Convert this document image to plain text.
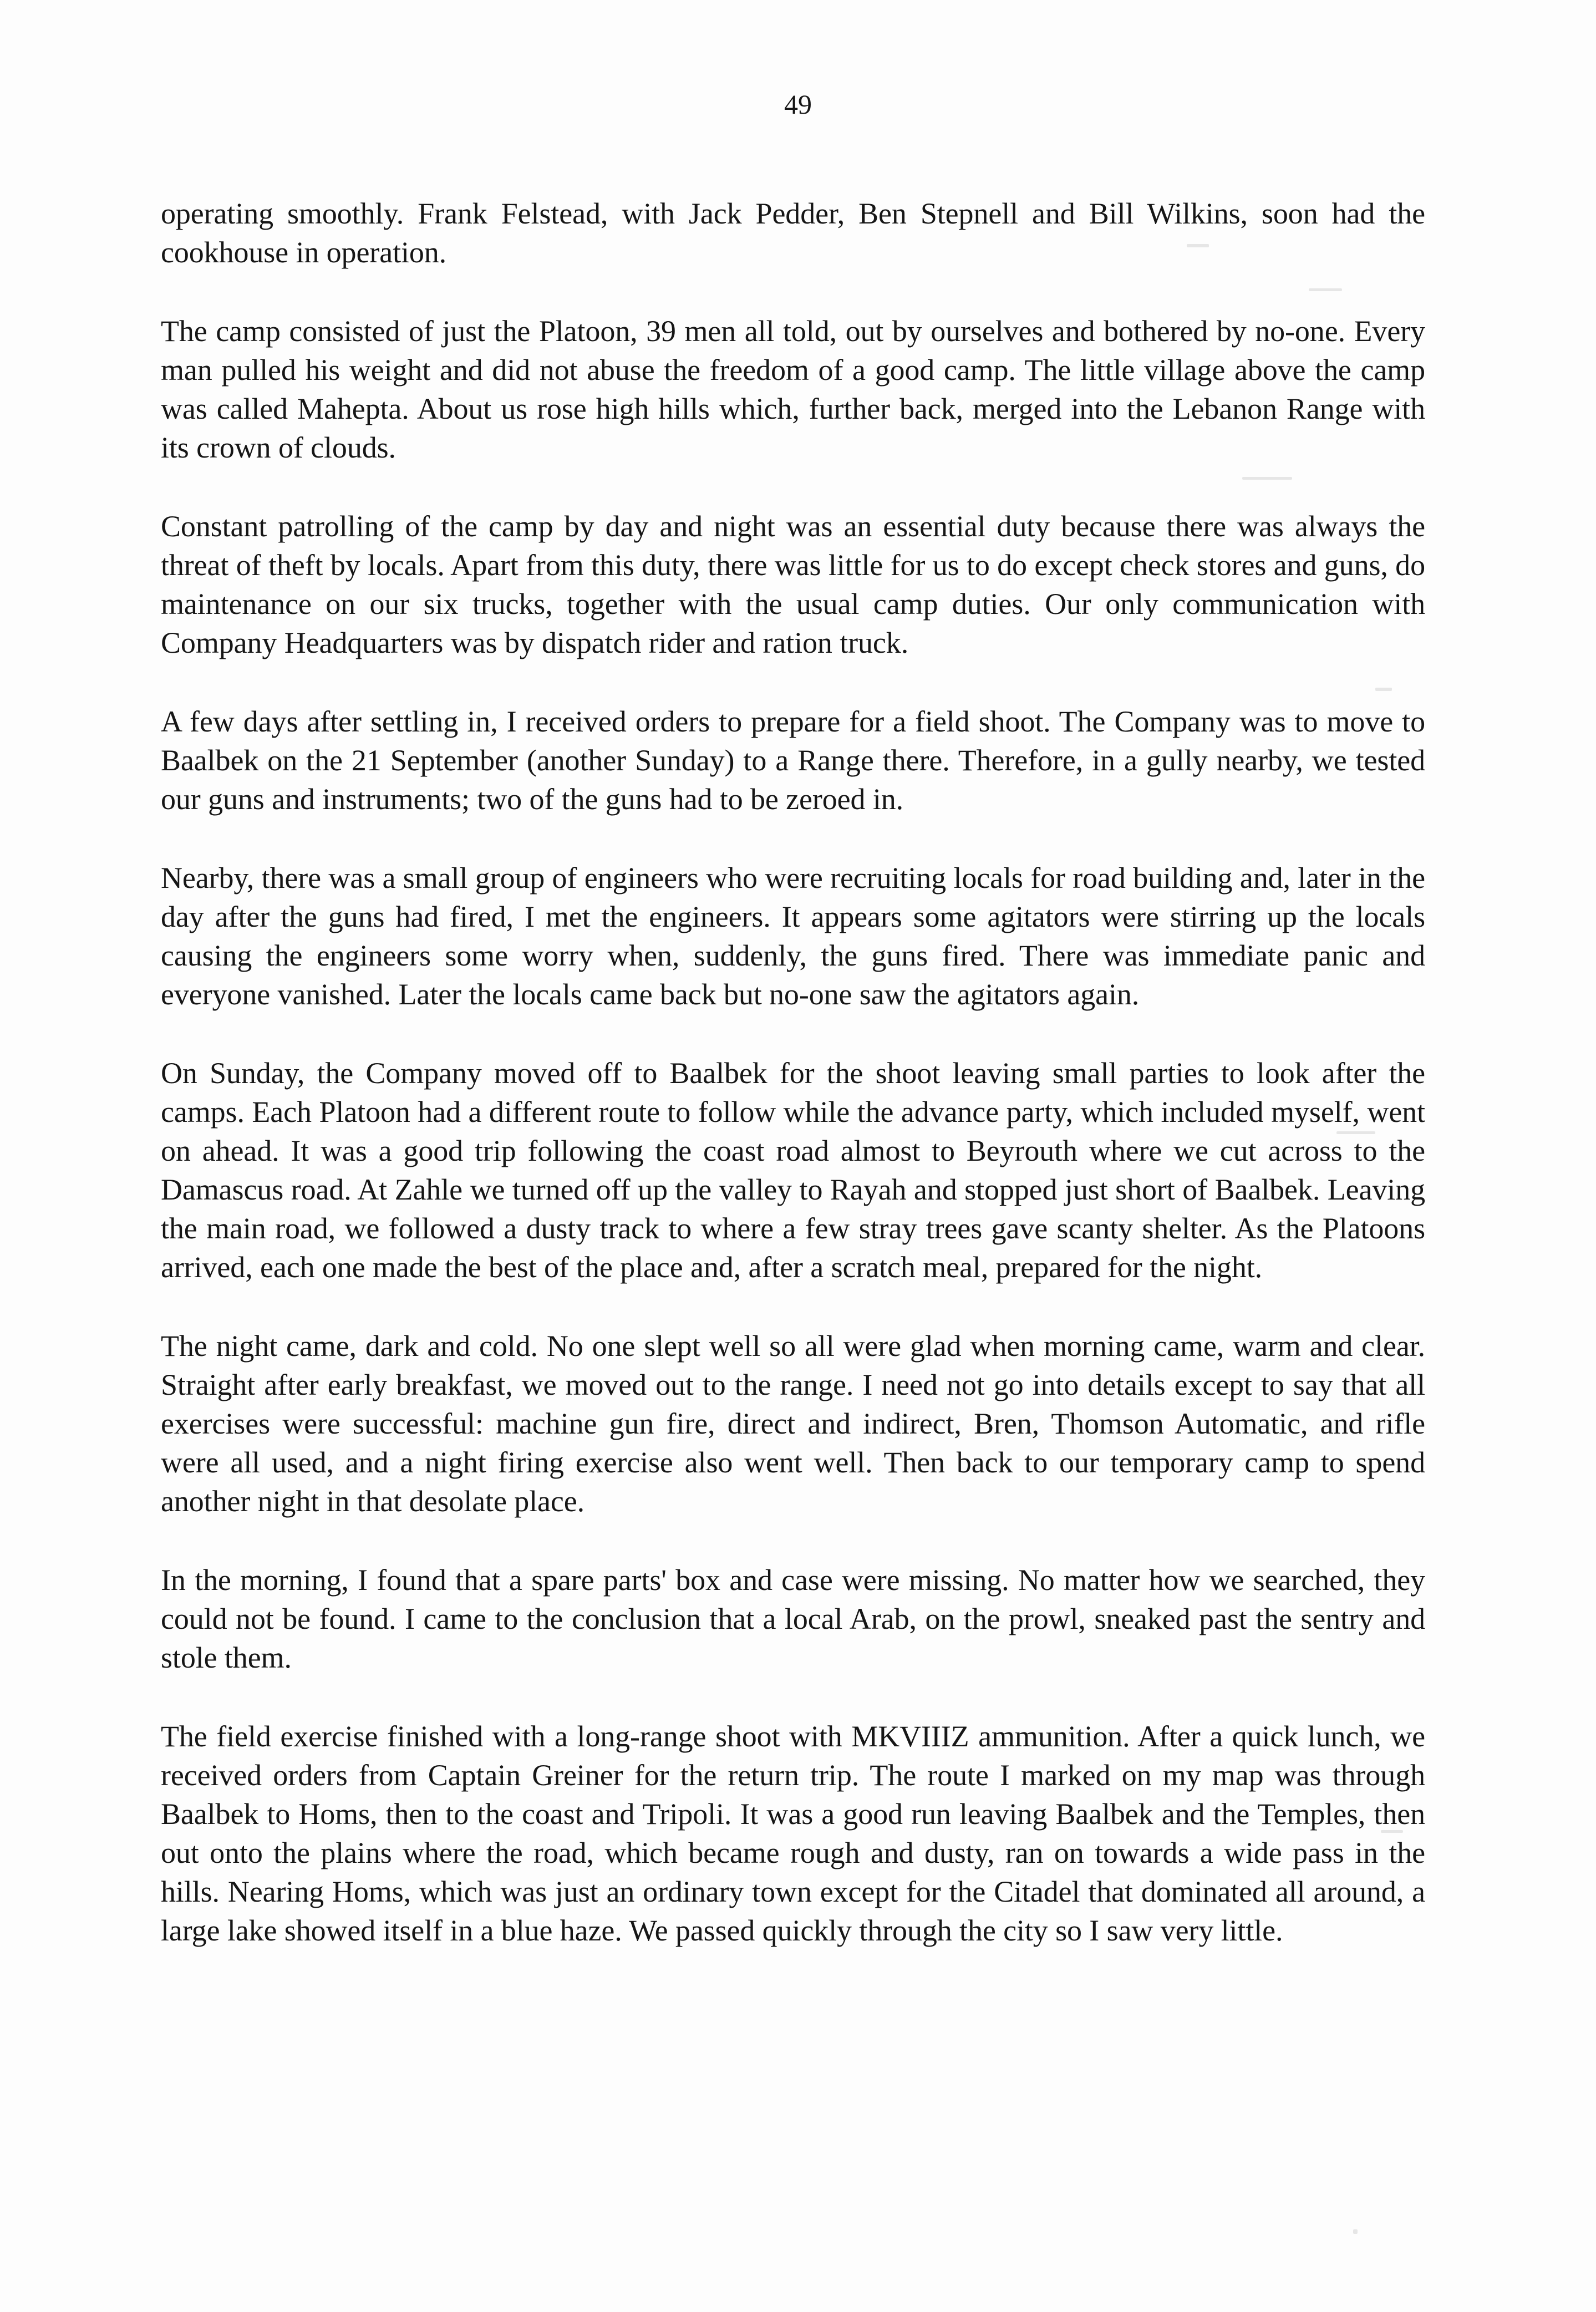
49

operating smoothly. Frank Felstead, with Jack Pedder, Ben Stepnell and Bill Wilkins, soon had the cookhouse in operation.

The camp consisted of just the Platoon, 39 men all told, out by ourselves and bothered by no-one. Every man pulled his weight and did not abuse the freedom of a good camp. The little village above the camp was called Mahepta. About us rose high hills which, further back, merged into the Lebanon Range with its crown of clouds.

Constant patrolling of the camp by day and night was an essential duty because there was always the threat of theft by locals. Apart from this duty, there was little for us to do except check stores and guns, do maintenance on our six trucks, together with the usual camp duties. Our only communication with Company Headquarters was by dispatch rider and ration truck.

A few days after settling in, I received orders to prepare for a field shoot. The Company was to move to Baalbek on the 21 September (another Sunday) to a Range there. Therefore, in a gully nearby, we tested our guns and instruments; two of the guns had to be zeroed in.

Nearby, there was a small group of engineers who were recruiting locals for road building and, later in the day after the guns had fired, I met the engineers. It appears some agitators were stirring up the locals causing the engineers some worry when, suddenly, the guns fired. There was immediate panic and everyone vanished. Later the locals came back but no-one saw the agitators again.

On Sunday, the Company moved off to Baalbek for the shoot leaving small parties to look after the camps. Each Platoon had a different route to follow while the advance party, which included myself, went on ahead. It was a good trip following the coast road almost to Beyrouth where we cut across to the Damascus road. At Zahle we turned off up the valley to Rayah and stopped just short of Baalbek. Leaving the main road, we followed a dusty track to where a few stray trees gave scanty shelter. As the Platoons arrived, each one made the best of the place and, after a scratch meal, prepared for the night.

The night came, dark and cold. No one slept well so all were glad when morning came, warm and clear. Straight after early breakfast, we moved out to the range. I need not go into details except to say that all exercises were successful: machine gun fire, direct and indirect, Bren, Thomson Automatic, and rifle were all used, and a night firing exercise also went well. Then back to our temporary camp to spend another night in that desolate place.

In the morning, I found that a spare parts' box and case were missing. No matter how we searched, they could not be found. I came to the conclusion that a local Arab, on the prowl, sneaked past the sentry and stole them.

The field exercise finished with a long-range shoot with MKVIIIZ ammunition. After a quick lunch, we received orders from Captain Greiner for the return trip. The route I marked on my map was through Baalbek to Homs, then to the coast and Tripoli. It was a good run leaving Baalbek and the Temples, then out onto the plains where the road, which became rough and dusty, ran on towards a wide pass in the hills. Nearing Homs, which was just an ordinary town except for the Citadel that dominated all around, a large lake showed itself in a blue haze. We passed quickly through the city so I saw very little.
